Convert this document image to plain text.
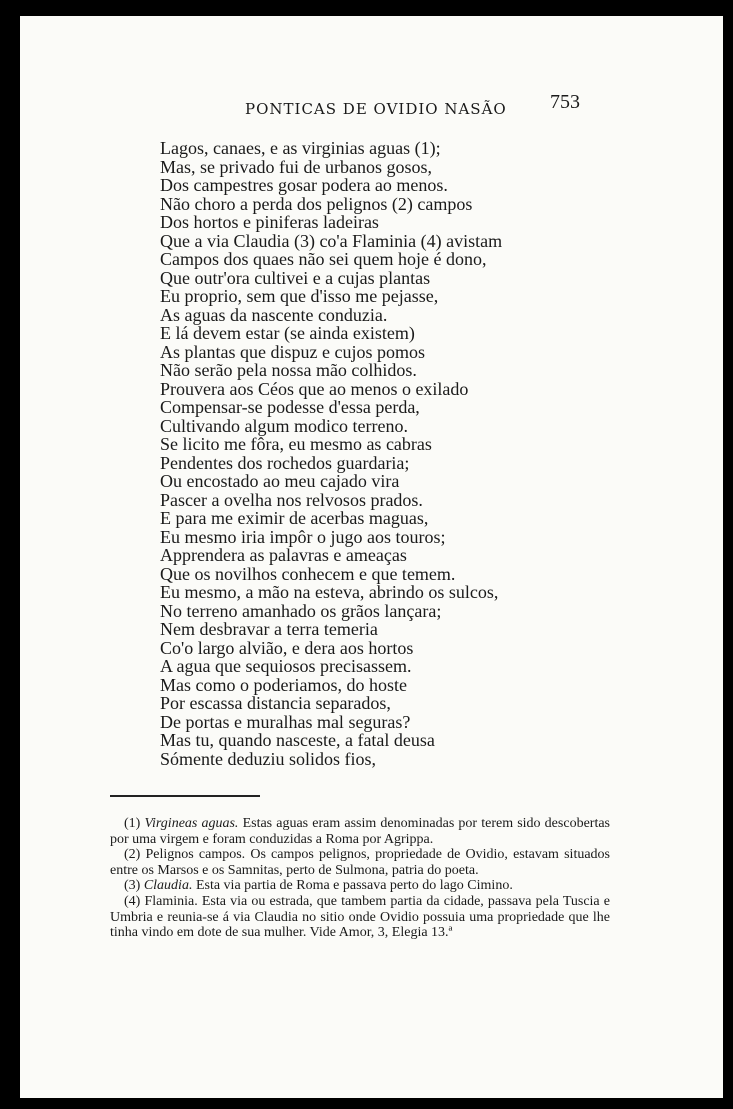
PONTICAS DE OVIDIO NASÃO 753
Lagos, canaes, e as virginias aguas (1);
Mas, se privado fui de urbanos gosos,
Dos campestres gosar podera ao menos.
Não choro a perda dos pelignos (2) campos
Dos hortos e piniferas ladeiras
Que a via Claudia (3) co'a Flaminia (4) avistam
Campos dos quaes não sei quem hoje é dono,
Que outr'ora cultivei e a cujas plantas
Eu proprio, sem que d'isso me pejasse,
As aguas da nascente conduzia.
E lá devem estar (se ainda existem)
As plantas que dispuz e cujos pomos
Não serão pela nossa mão colhidos.
Prouvera aos Céos que ao menos o exilado
Compensar-se podesse d'essa perda,
Cultivando algum modico terreno.
Se licito me fôra, eu mesmo as cabras
Pendentes dos rochedos guardaria;
Ou encostado ao meu cajado vira
Pascer a ovelha nos relvosos prados.
E para me eximir de acerbas maguas,
Eu mesmo iria impôr o jugo aos touros;
Apprendera as palavras e ameaças
Que os novilhos conhecem e que temem.
Eu mesmo, a mão na esteva, abrindo os sulcos,
No terreno amanhado os grãos lançara;
Nem desbravar a terra temeria
Co'o largo alvião, e dera aos hortos
A agua que sequiosos precisassem.
Mas como o poderiamos, do hoste
Por escassa distancia separados,
De portas e muralhas mal seguras?
Mas tu, quando nasceste, a fatal deusa
Sómente deduziu solidos fios,
(1) Virgineas aguas. Estas aguas eram assim denominadas por terem sido descobertas por uma virgem e foram conduzidas a Roma por Agrippa.
(2) Pelignos campos. Os campos pelignos, propriedade de Ovidio, estavam situados entre os Marsos e os Samnitas, perto de Sulmona, patria do poeta.
(3) Claudia. Esta via partia de Roma e passava perto do lago Cimino.
(4) Flaminia. Esta via ou estrada, que tambem partia da cidade, passava pela Tuscia e Umbria e reunia-se á via Claudia no sitio onde Ovidio possuia uma propriedade que lhe tinha vindo em dote de sua mulher. Vide Amor, 3, Elegia 13.ª
